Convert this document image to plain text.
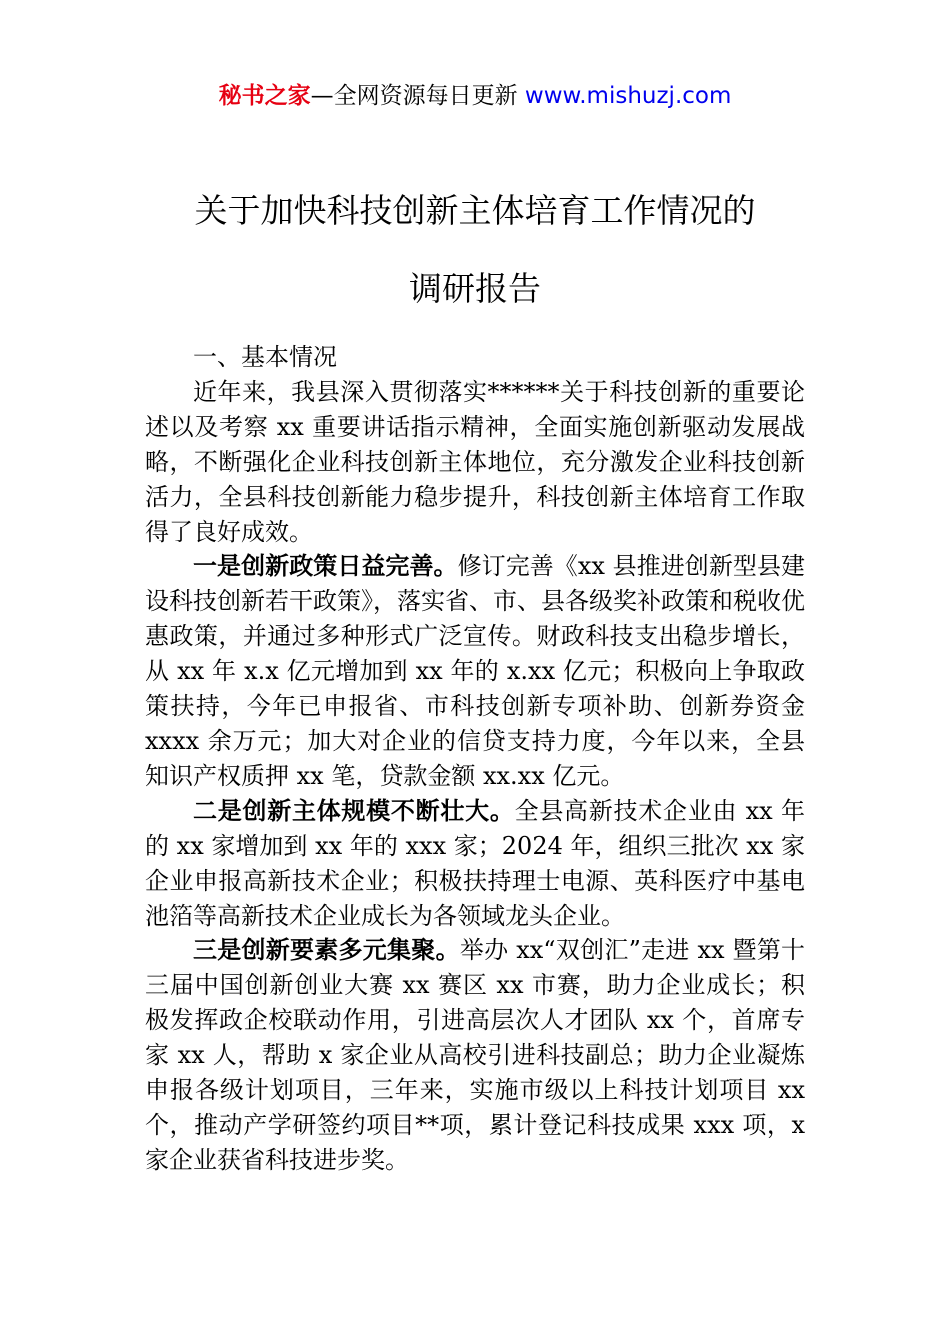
秘书之家—全网资源每日更新 www.mishuzj.com
关于加快科技创新主体培育工作情况的
调研报告

一、基本情况

近年来，我县深入贯彻落实******关于科技创新的重要论述以及考察 xx 重要讲话指示精神，全面实施创新驱动发展战略，不断强化企业科技创新主体地位，充分激发企业科技创新活力，全县科技创新能力稳步提升，科技创新主体培育工作取得了良好成效。

一是创新政策日益完善。修订完善《xx 县推进创新型县建设科技创新若干政策》，落实省、市、县各级奖补政策和税收优惠政策，并通过多种形式广泛宣传。财政科技支出稳步增长，从 xx 年 x.x 亿元增加到 xx 年的 x.xx 亿元；积极向上争取政策扶持，今年已申报省、市科技创新专项补助、创新券资金 xxxx 余万元；加大对企业的信贷支持力度，今年以来，全县知识产权质押 xx 笔，贷款金额 xx.xx 亿元。

二是创新主体规模不断壮大。全县高新技术企业由 xx 年的 xx 家增加到 xx 年的 xxx 家；2024 年，组织三批次 xx 家企业申报高新技术企业；积极扶持理士电源、英科医疗中基电池箔等高新技术企业成长为各领域龙头企业。

三是创新要素多元集聚。举办 xx“双创汇”走进 xx 暨第十三届中国创新创业大赛 xx 赛区 xx 市赛，助力企业成长；积极发挥政企校联动作用，引进高层次人才团队 xx 个，首席专家 xx 人，帮助 x 家企业从高校引进科技副总；助力企业凝炼申报各级计划项目，三年来，实施市级以上科技计划项目 xx 个，推动产学研签约项目**项，累计登记科技成果 xxx 项，x 家企业获省科技进步奖。
